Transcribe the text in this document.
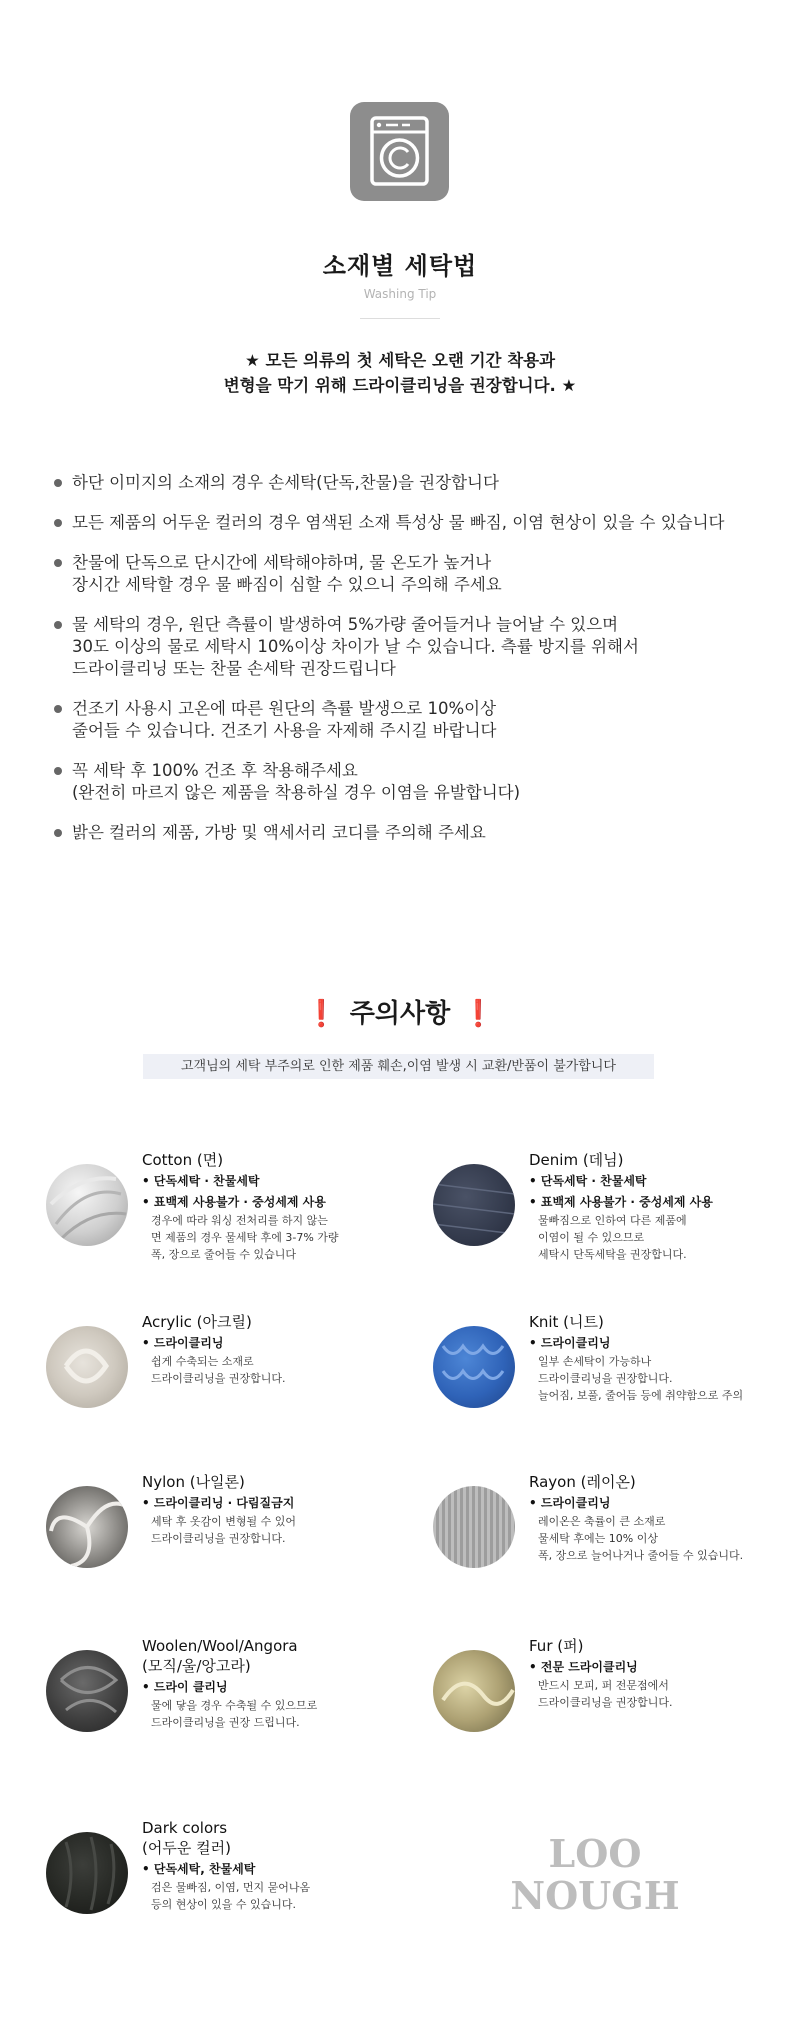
소재별 세탁법
Washing Tip
★ 모든 의류의 첫 세탁은 오랜 기간 착용과
변형을 막기 위해 드라이클리닝을 권장합니다. ★
하단 이미지의 소재의 경우 손세탁(단독,찬물)을 권장합니다
모든 제품의 어두운 컬러의 경우 염색된 소재 특성상 물 빠짐, 이염 현상이 있을 수 있습니다
찬물에 단독으로 단시간에 세탁해야하며, 물 온도가 높거나
장시간 세탁할 경우 물 빠짐이 심할 수 있으니 주의해 주세요
물 세탁의 경우, 원단 측률이 발생하여 5%가량 줄어들거나 늘어날 수 있으며
30도 이상의 물로 세탁시 10%이상 차이가 날 수 있습니다. 측률 방지를 위해서
드라이클리닝 또는 찬물 손세탁 권장드립니다
건조기 사용시 고온에 따른 원단의 측률 발생으로 10%이상
줄어들 수 있습니다. 건조기 사용을 자제해 주시길 바랍니다
꼭 세탁 후 100% 건조 후 착용해주세요
(완전히 마르지 않은 제품을 착용하실 경우 이염을 유발합니다)
밝은 컬러의 제품, 가방 및 액세서리 코디를 주의해 주세요
❗ 주의사항 ❗
고객님의 세탁 부주의로 인한 제품 훼손,이염 발생 시 교환/반품이 불가합니다
Cotton (면)
• 단독세탁 · 찬물세탁
• 표백제 사용불가 · 중성세제 사용
경우에 따라 워싱 전처리를 하지 않는
면 제품의 경우 물세탁 후에 3-7% 가량
폭, 장으로 줄어들 수 있습니다
Denim (데님)
• 단독세탁 · 찬물세탁
• 표백제 사용불가 · 중성세제 사용
물빠짐으로 인하여 다른 제품에
이염이 될 수 있으므로
세탁시 단독세탁을 권장합니다.
Acrylic (아크릴)
• 드라이클리닝
쉽게 수축되는 소재로
드라이클리닝을 권장합니다.
Knit (니트)
• 드라이클리닝
일부 손세탁이 가능하나
드라이클리닝을 권장합니다.
늘어짐, 보풀, 줄어듬 등에 취약함으로 주의
Nylon (나일론)
• 드라이클리닝 · 다림질금지
세탁 후 옷감이 변형될 수 있어
드라이클리닝을 권장합니다.
Rayon (레이온)
• 드라이클리닝
레이온은 축률이 큰 소재로
물세탁 후에는 10% 이상
폭, 장으로 늘어나거나 줄어들 수 있습니다.
Woolen/Wool/Angora
(모직/울/앙고라)
• 드라이 클리닝
물에 닿을 경우 수축될 수 있으므로
드라이클리닝을 권장 드립니다.
Fur (퍼)
• 전문 드라이클리닝
반드시 모피, 퍼 전문점에서
드라이클리닝을 권장합니다.
Dark colors
(어두운 컬러)
• 단독세탁, 찬물세탁
검은 물빠짐, 이염, 먼지 묻어나옴
등의 현상이 있을 수 있습니다.
LOO
NOUGH
